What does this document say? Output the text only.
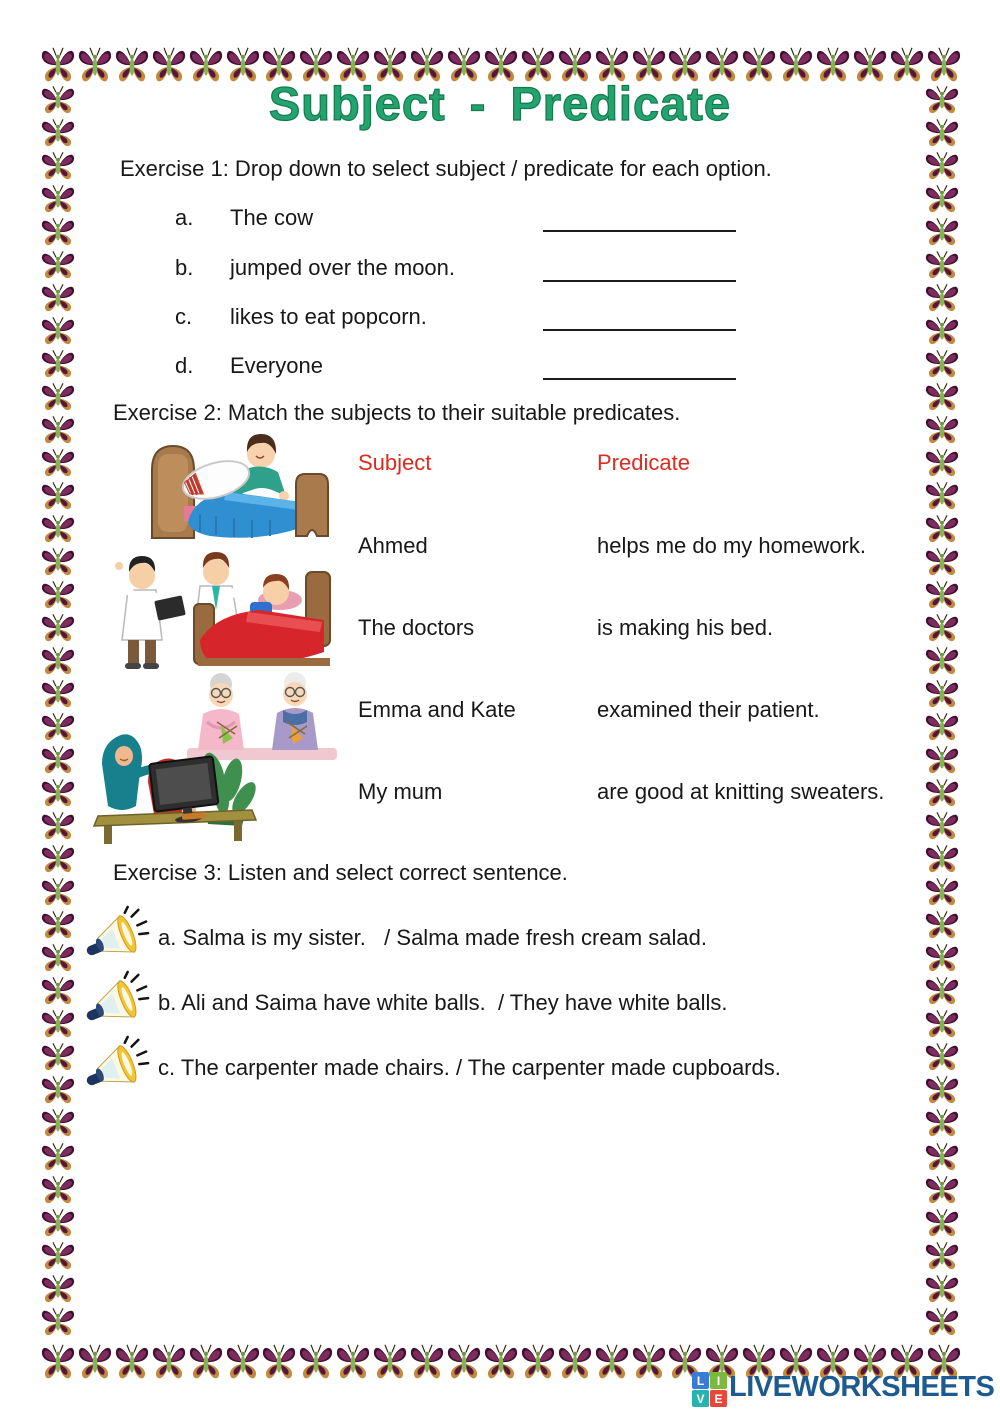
Subject - Predicate
Exercise 1: Drop down to select subject / predicate for each option.
a. The cow
b. jumped over the moon.
c. likes to eat popcorn.
d. Everyone
Exercise 2: Match the subjects to their suitable predicates.
Subject	Predicate
Ahmed	helps me do my homework.
The doctors	is making his bed.
Emma and Kate	examined their patient.
My mum	are good at knitting sweaters.
Exercise 3: Listen and select correct sentence.
a. Salma is my sister.   / Salma made fresh cream salad.
b. Ali and Saima have white balls.  / They have white balls.
c. The carpenter made chairs. / The carpenter made cupboards.
L	I
V E LIVEWORKSHEETS
